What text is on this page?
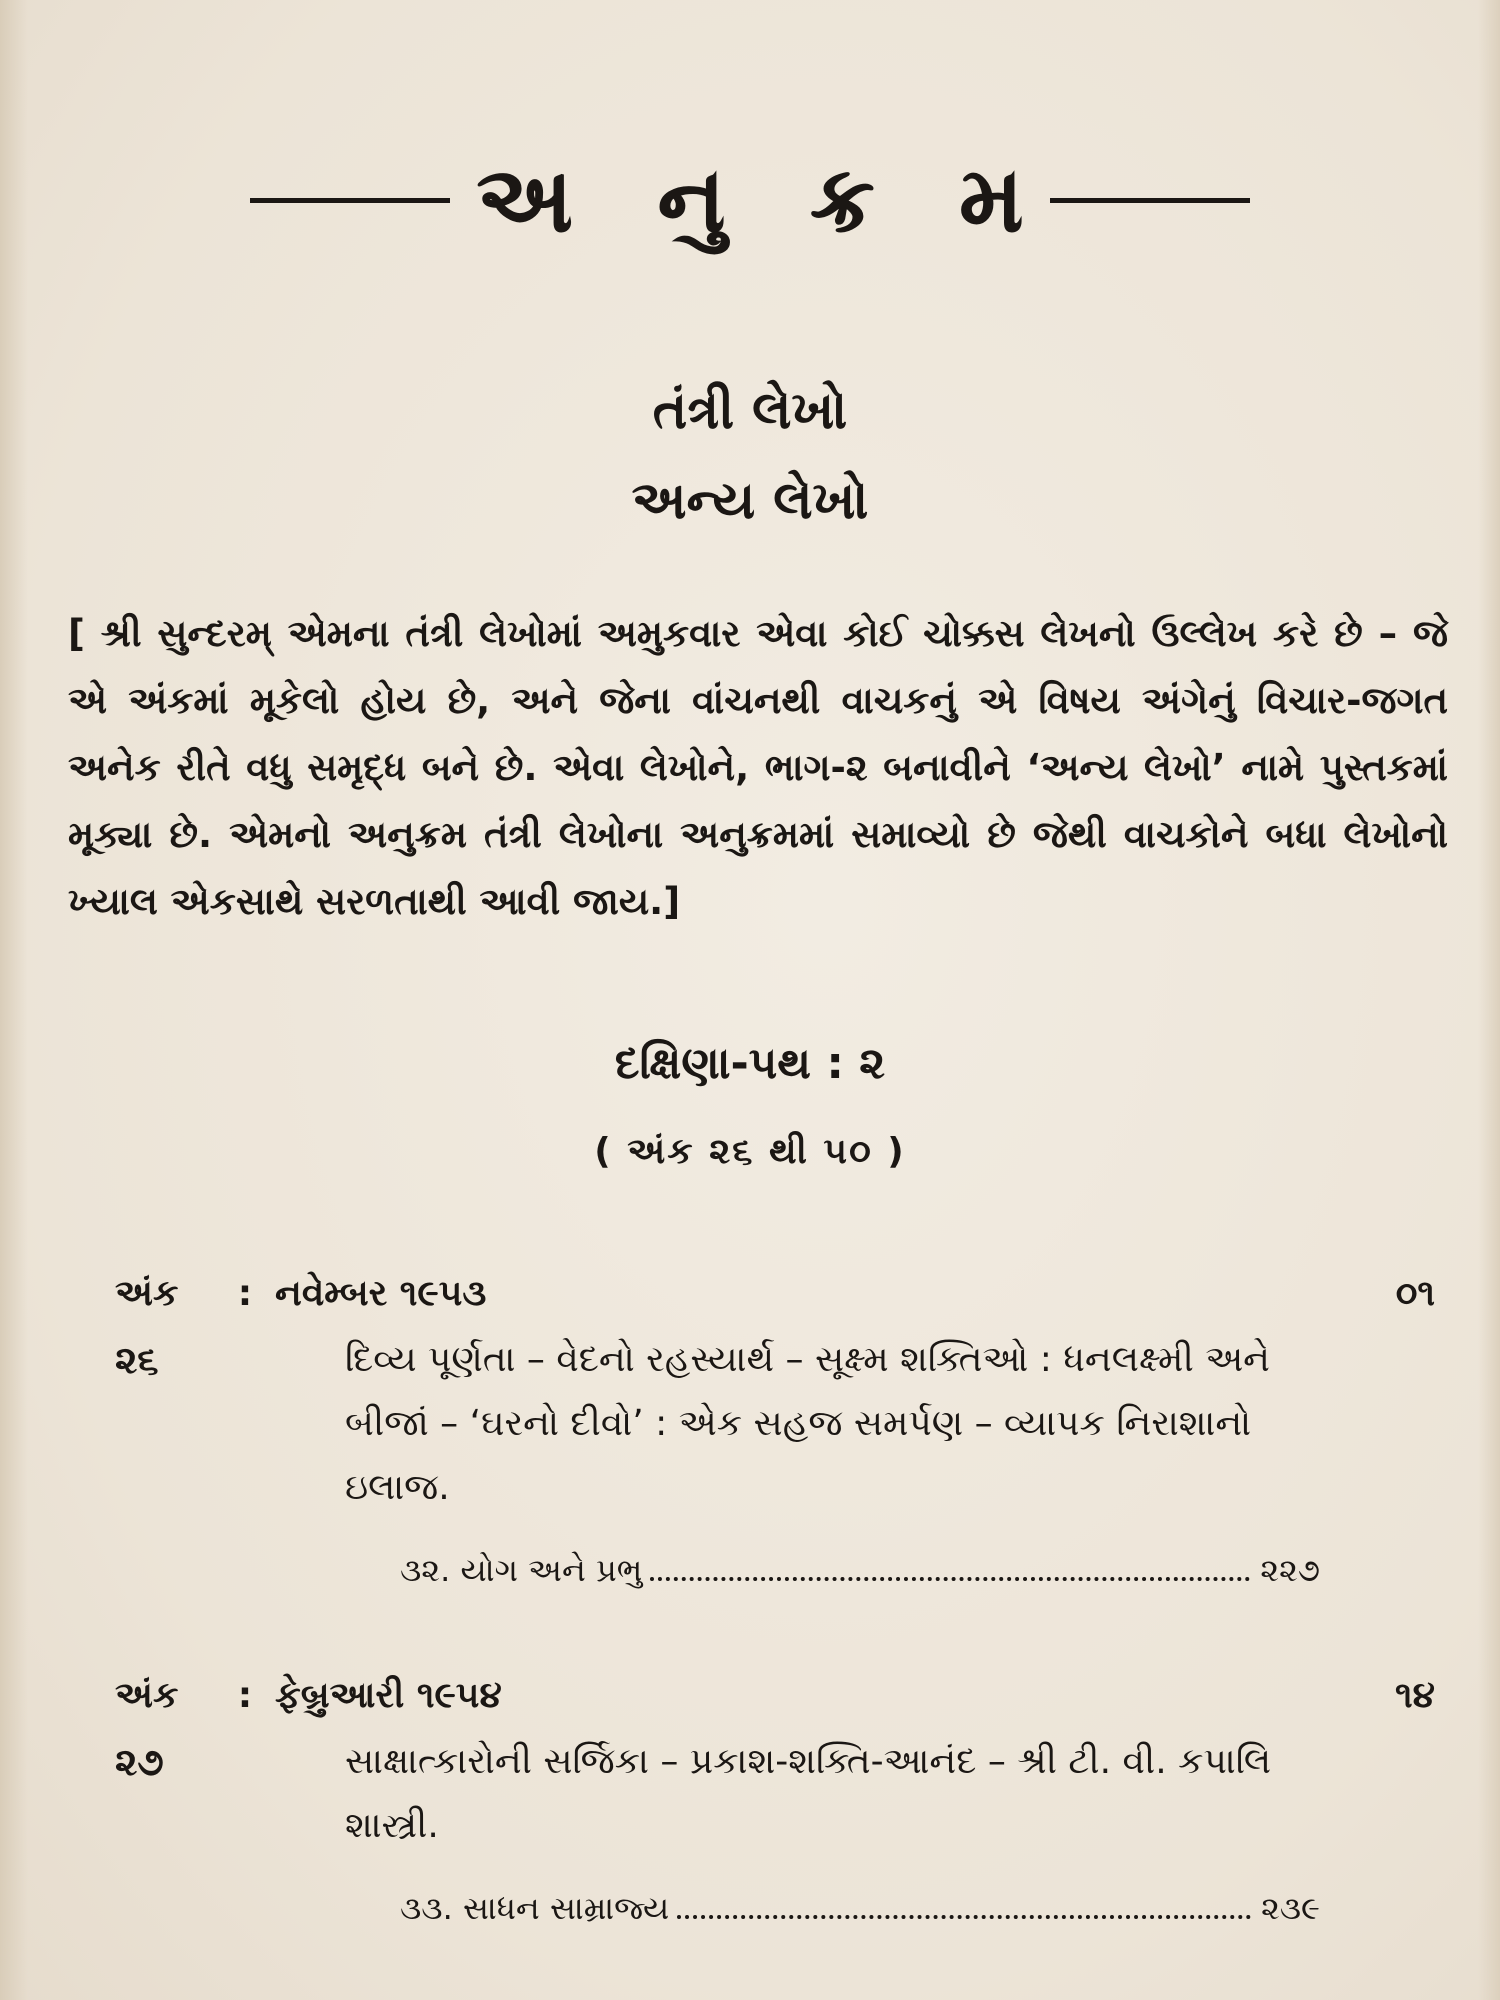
અ નુ ક્ર મ
તંત્રી લેખો
અન્ય લેખો
[ શ્રી સુન્દરમ્ એમના તંત્રી લેખોમાં અમુકવાર એવા કોઈ ચોક્કસ લેખનો ઉલ્લેખ કરે છે – જે એ અંકમાં મૂકેલો હોય છે, અને જેના વાંચનથી વાચકનું એ વિષય અંગેનું વિચાર-જગત અનેક રીતે વધુ સમૃદ્ધ બને છે. એવા લેખોને, ભાગ-૨ બનાવીને ‘અન્ય લેખો’ નામે પુસ્તકમાં મૂક્યા છે. એમનો અનુક્રમ તંત્રી લેખોના અનુક્રમમાં સમાવ્યો છે જેથી વાચકોને બધા લેખોનો ખ્યાલ એકસાથે સરળતાથી આવી જાય.]
દક્ષિણા-પથ : ૨
( અંક ૨૬ થી ૫૦ )
અંક	: નવેમ્બર ૧૯૫૩	૦૧
૨૬	દિવ્ય પૂર્ણતા – વેદનો રહસ્યાર્થ – સૂક્ષ્મ શક્તિઓ : ધનલક્ષ્મી અને બીજાં – ‘ઘરનો દીવો’ : એક સહજ સમર્પણ – વ્યાપક નિરાશાનો ઇલાજ.
૩૨. યોગ અને પ્રભુ	૨૨૭
અંક	: ફેબ્રુઆરી ૧૯૫૪	૧૪
૨૭	સાક્ષાત્કારોની સર્જિકા – પ્રકાશ-શક્તિ-આનંદ – શ્રી ટી. વી. કપાલિ શાસ્ત્રી.
૩૩. સાધન સામ્રાજ્ય	૨૩૯
